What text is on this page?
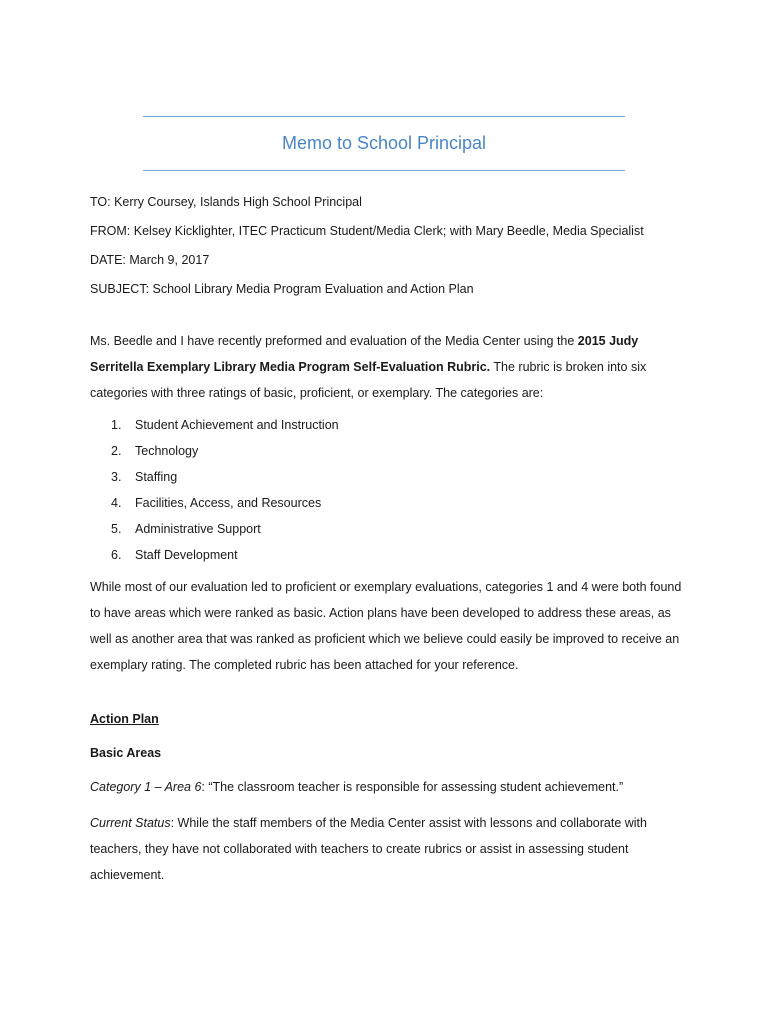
Memo to School Principal
TO: Kerry Coursey, Islands High School Principal
FROM: Kelsey Kicklighter, ITEC Practicum Student/Media Clerk; with Mary Beedle, Media Specialist
DATE: March 9, 2017
SUBJECT: School Library Media Program Evaluation and Action Plan

Ms. Beedle and I have recently preformed and evaluation of the Media Center using the 2015 Judy Serritella Exemplary Library Media Program Self-Evaluation Rubric. The rubric is broken into six categories with three ratings of basic, proficient, or exemplary. The categories are:

1. Student Achievement and Instruction
2. Technology
3. Staffing
4. Facilities, Access, and Resources
5. Administrative Support
6. Staff Development

While most of our evaluation led to proficient or exemplary evaluations, categories 1 and 4 were both found to have areas which were ranked as basic. Action plans have been developed to address these areas, as well as another area that was ranked as proficient which we believe could easily be improved to receive an exemplary rating. The completed rubric has been attached for your reference.

Action Plan
Basic Areas
Category 1 – Area 6: “The classroom teacher is responsible for assessing student achievement.”

Current Status: While the staff members of the Media Center assist with lessons and collaborate with teachers, they have not collaborated with teachers to create rubrics or assist in assessing student achievement.
